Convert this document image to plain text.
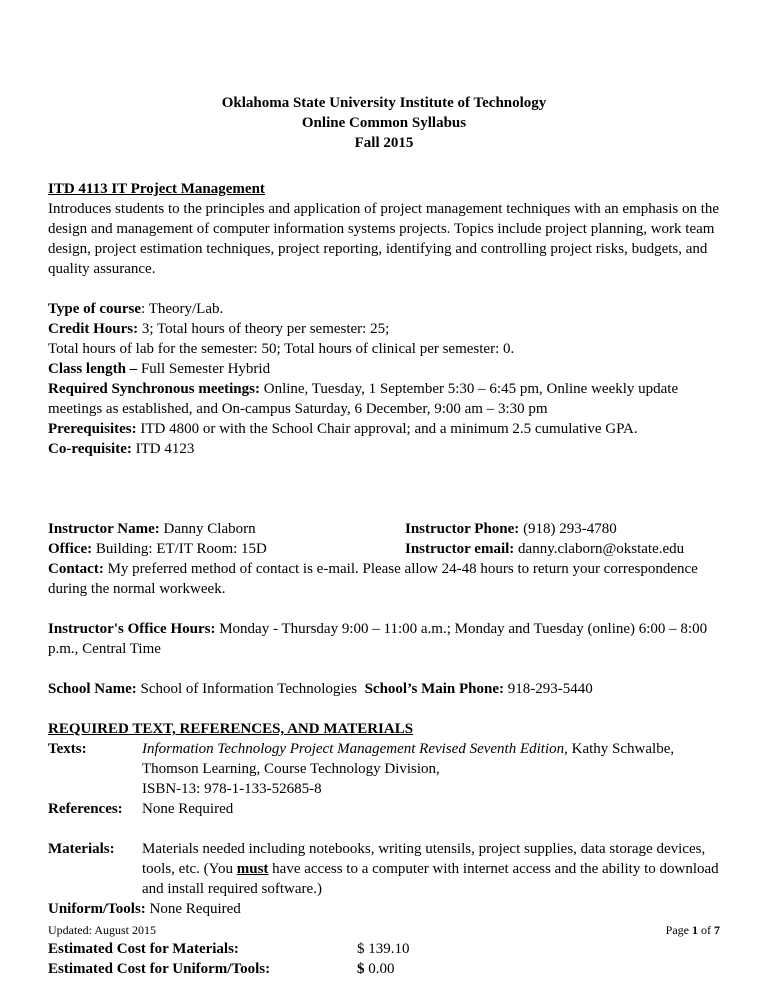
Oklahoma State University Institute of Technology
Online Common Syllabus
Fall 2015
ITD 4113 IT Project Management
Introduces students to the principles and application of project management techniques with an emphasis on the design and management of computer information systems projects. Topics include project planning, work team design, project estimation techniques, project reporting, identifying and controlling project risks, budgets, and quality assurance.
Type of course: Theory/Lab.
Credit Hours: 3; Total hours of theory per semester: 25;
Total hours of lab for the semester: 50; Total hours of clinical per semester: 0.
Class length – Full Semester Hybrid
Required Synchronous meetings: Online, Tuesday, 1 September 5:30 – 6:45 pm, Online weekly update meetings as established, and On-campus Saturday, 6 December, 9:00 am – 3:30 pm
Prerequisites: ITD 4800 or with the School Chair approval; and a minimum 2.5 cumulative GPA.
Co-requisite: ITD 4123
Instructor Name: Danny Claborn	Instructor Phone: (918) 293-4780
Office: Building: ET/IT Room: 15D	Instructor email: danny.claborn@okstate.edu
Contact: My preferred method of contact is e-mail. Please allow 24-48 hours to return your correspondence during the normal workweek.
Instructor's Office Hours: Monday - Thursday 9:00 – 11:00 a.m.; Monday and Tuesday (online) 6:00 – 8:00 p.m., Central Time
School Name: School of Information Technologies  School’s Main Phone: 918-293-5440
REQUIRED TEXT, REFERENCES, AND MATERIALS
Texts:	Information Technology Project Management Revised Seventh Edition, Kathy Schwalbe, Thomson Learning, Course Technology Division,
ISBN-13: 978-1-133-52685-8
References: None Required
Materials: Materials needed including notebooks, writing utensils, project supplies, data storage devices, tools, etc. (You must have access to a computer with internet access and the ability to download and install required software.)
Uniform/Tools: None Required
Estimated Cost for Materials:	$ 139.10
Estimated Cost for Uniform/Tools:	$ 0.00
Updated: August 2015	Page 1 of 7
